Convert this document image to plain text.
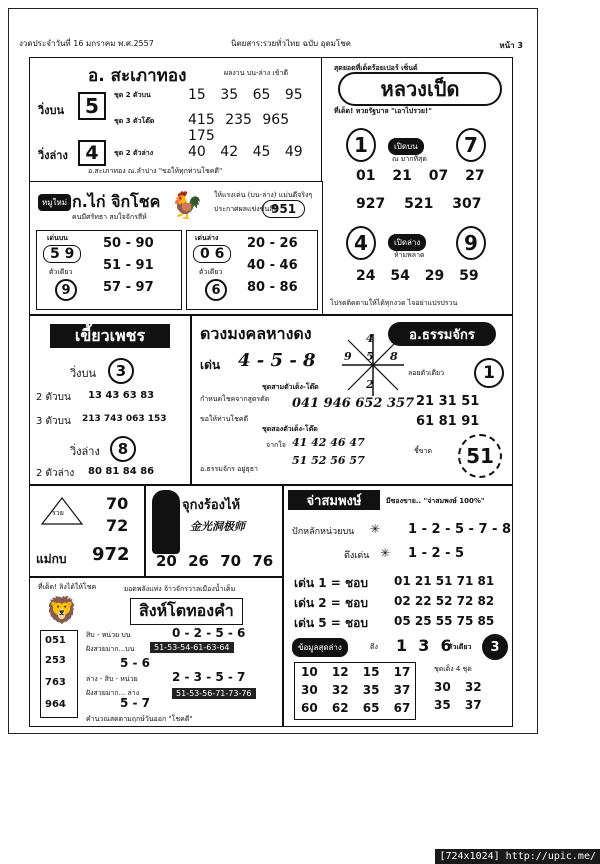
งวดประจำวันที่ 16 มกราคม พ.ศ.2557	นิตยสาร:รวยทั่วไทย ฉบับ อุดมโชค	หน้า 3
อ. สะเภาทอง	ผลงาน บน-ล่าง เข้าดี
วิ่งบน	5	ชุด 2 ตัวบน	15 35 65 95
ชุด 3 ตัวโต๊ด 415 235 965 175
วิ่งล่าง 4	ชุด 2 ตัวล่าง 40 42 45 49
อ.สะเภาทอง ณ.ลำปาง "ขอให้ทุกท่านโชคดี"
สุดยอดที่เด็ดร้อยเปอร์ เซ็นต์
หลวงเป็ด
ที่เด็ด! หวยรัฐบาล "เอาไปรวย!"
1	เปิดบน
ณ มากที่สุด
7
01 21 07 27
927 521 307
4	เปิดล่าง
ห้ามพลาด	9
24 54 29 59
โปรดติดตามให้ได้ทุกงวด ไจอย่าแปรปรวน
หมูใหม่ ก.ไก่ จิกโชค
คนมีศรัทธา สมใจจักรสีห์ 🐓	ให้แรงเด่น (บน-ล่าง) แม่นดีจริงๆ
ประกาศผลแข่งขันสีปี
951
เด่นบน
5 9
ตัวเดียว
9
50 - 90
51 - 91
57 - 97
เด่นล่าง
0 6
ตัวเดียว
6
20 - 26
40 - 46
80 - 86
เขี้ยวเพชร
วิ่งบน	3
2 ตัวบน 13 43 63 83
3 ตัวบน 213 743 063 153
วิ่งล่าง	8
2 ตัวล่าง 80 81 84 86
ดวงมงคลหางดง	อ.ธรรมจักร
เด่น 4 - 5 - 8
4
9 5 8
2
ลอยตัวเดียว	1
ชุดสามตัวเด็ง-โต๊ด
กำหนดโชคจากสูตรตัด 041 946 652 357
ขอให้ท่านโชคดี
ชุดสองตัวเด็ง-โต๊ด
จากใจ 41 42 46 47
51 52 56 57
อ.ธรรมจักร อยู่ธุธา
21 31 51
61 81 91
ชี้ขาด	51
รวย	70
72
แม่กบ 972
จุกงร้องไห้
金光洞极师
20 26 70 76
จ่าสมพงษ์	มีซองขาย.. "จ่าสมพงษ์ 100%"
ปักหลักหน่วยบน ✳ 1 - 2 - 5 - 7 - 8
ตึงเด่น ✳ 1 - 2 - 5
เด่น 1 = ชอบ 01 21 51 71 81
เด่น 2 = ชอบ 02 22 52 72 82
เด่น 5 = ชอบ 05 25 55 75 85
ข้อมูลสุดล่าง	ตึง 1  3  6
ตัวเดียว	3
10 12 15 17
30 32 35 37
60 62 65 67
ชุดเด็ง 4 ชุด
30 32
35 37
ที่เด็ด! ลิงได้ให้โชค
🦁
ยอดพลังแห่ง จ้าวจักรวาลเมืองน้ำเค็ม
สิงห์โตทองคำ
051
253
763
964
สิบ - หน่วย บน	0 - 2 - 5 - 6
ฝังสวยมาก...บน	51-53-54-61-63-64
5 - 6
ล่าง - สิบ - หน่วย	2 - 3 - 5 - 7
ฝังสวยมาก... ล่าง
5 - 7
51-53-56-71-73-76
คำนวณสดตามฤกษ์วันออก "โชคดี"
[724x1024] http://upic.me/
